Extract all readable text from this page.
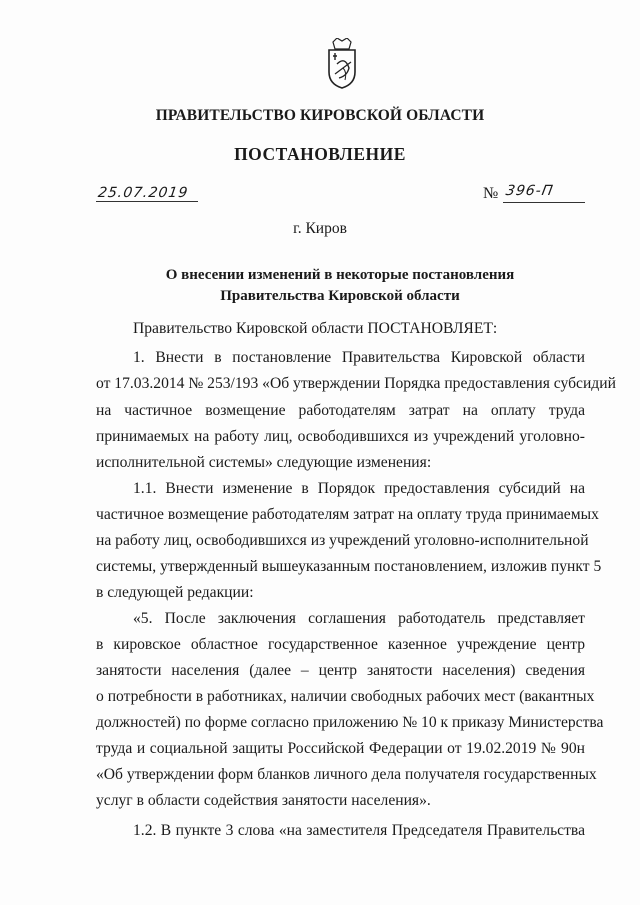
ПРАВИТЕЛЬСТВО КИРОВСКОЙ ОБЛАСТИ
ПОСТАНОВЛЕНИЕ
25.07.2019	№ 396-П
г. Киров
О внесении изменений в некоторые постановления
Правительства Кировской области
Правительство Кировской области ПОСТАНОВЛЯЕТ:
1. Внести в постановление Правительства Кировской области
от 17.03.2014 № 253/193 «Об утверждении Порядка предоставления субсидий
на частичное возмещение работодателям затрат на оплату труда
принимаемых на работу лиц, освободившихся из учреждений уголовно-
исполнительной системы» следующие изменения:
1.1. Внести изменение в Порядок предоставления субсидий на
частичное возмещение работодателям затрат на оплату труда принимаемых
на работу лиц, освободившихся из учреждений уголовно-исполнительной
системы, утвержденный вышеуказанным постановлением, изложив пункт 5
в следующей редакции:
«5. После заключения соглашения работодатель представляет
в кировское областное государственное казенное учреждение центр
занятости населения (далее – центр занятости населения) сведения
о потребности в работниках, наличии свободных рабочих мест (вакантных
должностей) по форме согласно приложению № 10 к приказу Министерства
труда и социальной защиты Российской Федерации от 19.02.2019 № 90н
«Об утверждении форм бланков личного дела получателя государственных
услуг в области содействия занятости населения».
1.2. В пункте 3 слова «на заместителя Председателя Правительства
